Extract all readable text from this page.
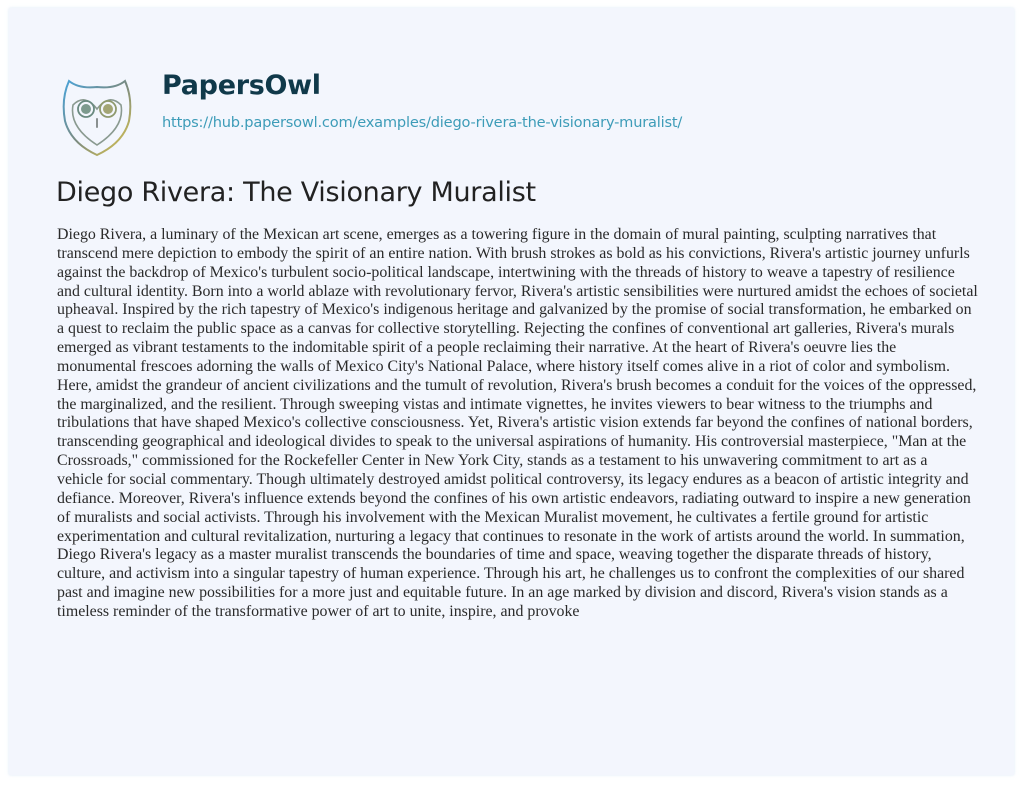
PapersOwl
https://hub.papersowl.com/examples/diego-rivera-the-visionary-muralist/
Diego Rivera: The Visionary Muralist
Diego Rivera, a luminary of the Mexican art scene, emerges as a towering figure in the domain of mural painting, sculpting narratives that
transcend mere depiction to embody the spirit of an entire nation. With brush strokes as bold as his convictions, Rivera's artistic journey unfurls
against the backdrop of Mexico's turbulent socio-political landscape, intertwining with the threads of history to weave a tapestry of resilience
and cultural identity. Born into a world ablaze with revolutionary fervor, Rivera's artistic sensibilities were nurtured amidst the echoes of societal
upheaval. Inspired by the rich tapestry of Mexico's indigenous heritage and galvanized by the promise of social transformation, he embarked on
a quest to reclaim the public space as a canvas for collective storytelling. Rejecting the confines of conventional art galleries, Rivera's murals
emerged as vibrant testaments to the indomitable spirit of a people reclaiming their narrative. At the heart of Rivera's oeuvre lies the
monumental frescoes adorning the walls of Mexico City's National Palace, where history itself comes alive in a riot of color and symbolism.
Here, amidst the grandeur of ancient civilizations and the tumult of revolution, Rivera's brush becomes a conduit for the voices of the oppressed,
the marginalized, and the resilient. Through sweeping vistas and intimate vignettes, he invites viewers to bear witness to the triumphs and
tribulations that have shaped Mexico's collective consciousness. Yet, Rivera's artistic vision extends far beyond the confines of national borders,
transcending geographical and ideological divides to speak to the universal aspirations of humanity. His controversial masterpiece, "Man at the
Crossroads," commissioned for the Rockefeller Center in New York City, stands as a testament to his unwavering commitment to art as a
vehicle for social commentary. Though ultimately destroyed amidst political controversy, its legacy endures as a beacon of artistic integrity and
defiance. Moreover, Rivera's influence extends beyond the confines of his own artistic endeavors, radiating outward to inspire a new generation
of muralists and social activists. Through his involvement with the Mexican Muralist movement, he cultivates a fertile ground for artistic
experimentation and cultural revitalization, nurturing a legacy that continues to resonate in the work of artists around the world. In summation,
Diego Rivera's legacy as a master muralist transcends the boundaries of time and space, weaving together the disparate threads of history,
culture, and activism into a singular tapestry of human experience. Through his art, he challenges us to confront the complexities of our shared
past and imagine new possibilities for a more just and equitable future. In an age marked by division and discord, Rivera's vision stands as a
timeless reminder of the transformative power of art to unite, inspire, and provoke
